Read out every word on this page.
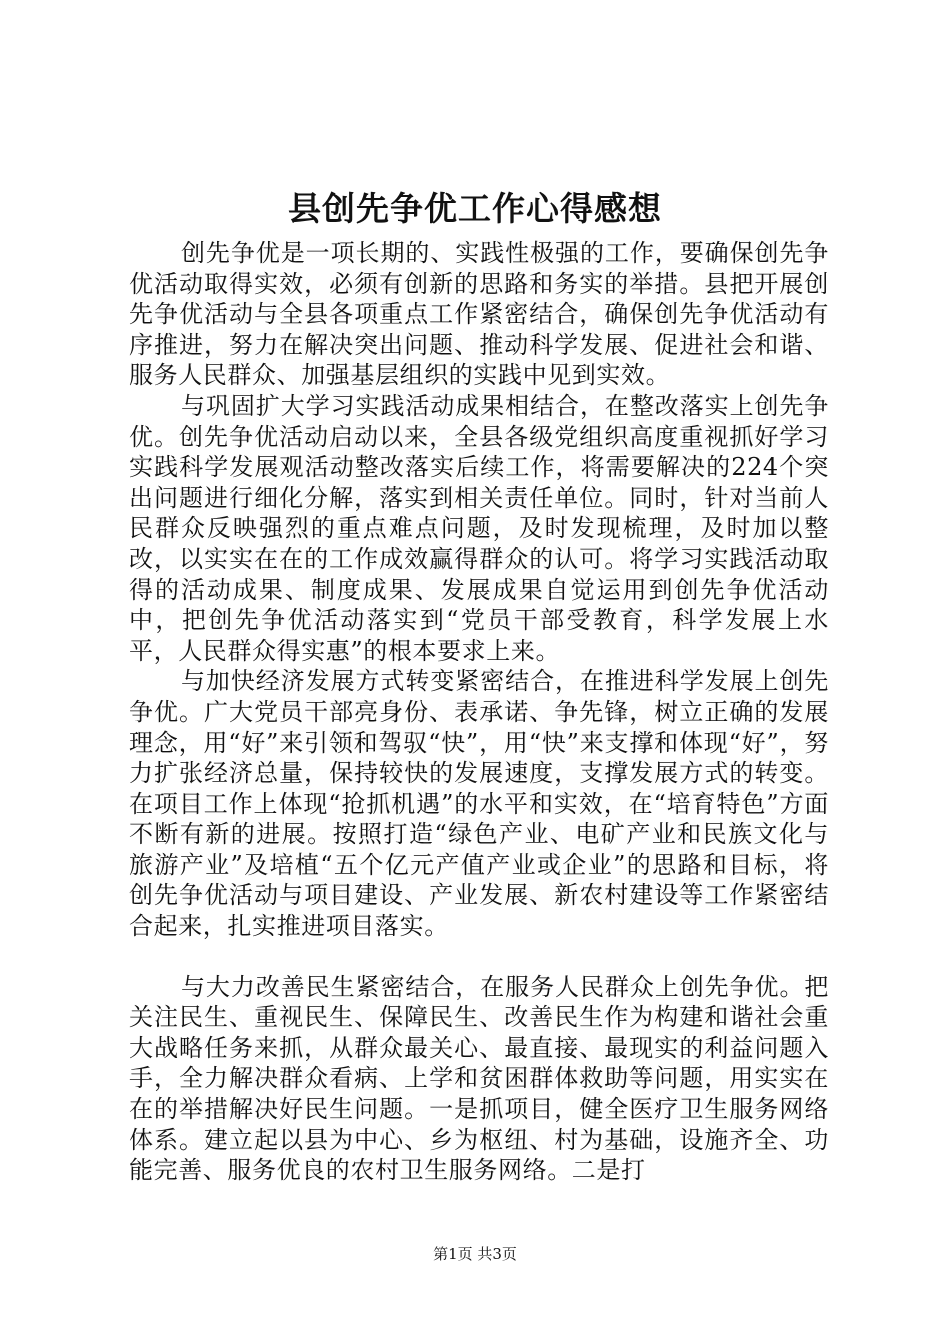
县创先争优工作心得感想

创先争优是一项长期的、实践性极强的工作，要确保创先争优活动取得实效，必须有创新的思路和务实的举措。县把开展创先争优活动与全县各项重点工作紧密结合，确保创先争优活动有序推进，努力在解决突出问题、推动科学发展、促进社会和谐、服务人民群众、加强基层组织的实践中见到实效。

与巩固扩大学习实践活动成果相结合，在整改落实上创先争优。创先争优活动启动以来，全县各级党组织高度重视抓好学习实践科学发展观活动整改落实后续工作，将需要解决的224个突出问题进行细化分解，落实到相关责任单位。同时，针对当前人民群众反映强烈的重点难点问题，及时发现梳理，及时加以整改，以实实在在的工作成效赢得群众的认可。将学习实践活动取得的活动成果、制度成果、发展成果自觉运用到创先争优活动中，把创先争优活动落实到“党员干部受教育，科学发展上水平，人民群众得实惠”的根本要求上来。

与加快经济发展方式转变紧密结合，在推进科学发展上创先争优。广大党员干部亮身份、表承诺、争先锋，树立正确的发展理念，用“好”来引领和驾驭“快”，用“快”来支撑和体现“好”，努力扩张经济总量，保持较快的发展速度，支撑发展方式的转变。在项目工作上体现“抢抓机遇”的水平和实效，在“培育特色”方面不断有新的进展。按照打造“绿色产业、电矿产业和民族文化与旅游产业”及培植“五个亿元产值产业或企业”的思路和目标，将创先争优活动与项目建设、产业发展、新农村建设等工作紧密结合起来，扎实推进项目落实。

与大力改善民生紧密结合，在服务人民群众上创先争优。把关注民生、重视民生、保障民生、改善民生作为构建和谐社会重大战略任务来抓，从群众最关心、最直接、最现实的利益问题入手，全力解决群众看病、上学和贫困群体救助等问题，用实实在在的举措解决好民生问题。一是抓项目，健全医疗卫生服务网络体系。建立起以县为中心、乡为枢纽、村为基础，设施齐全、功能完善、服务优良的农村卫生服务网络。二是打

第1页 共3页
